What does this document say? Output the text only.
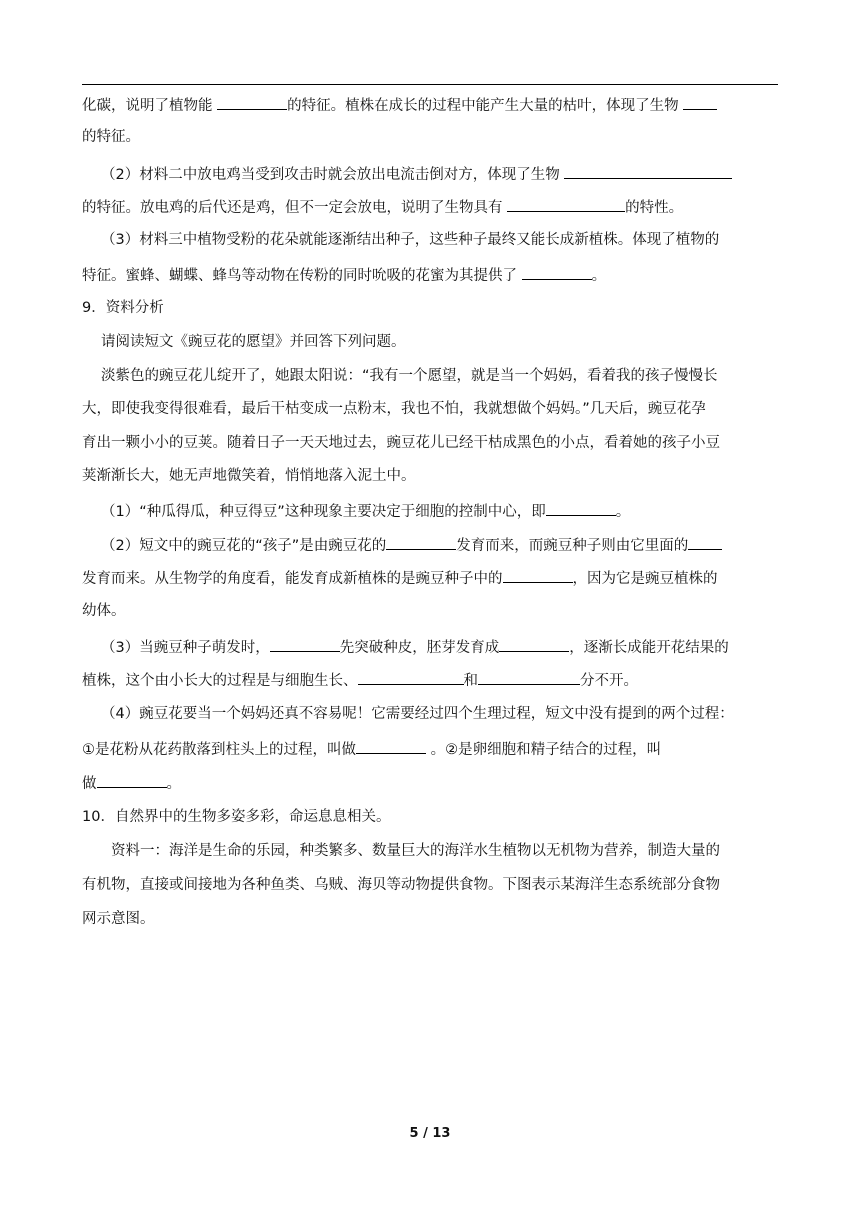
化碳，说明了植物能	的特征。植株在成长的过程中能产生大量的枯叶，体现了生物
的特征。
（2）材料二中放电鸡当受到攻击时就会放出电流击倒对方，体现了生物
的特征。放电鸡的后代还是鸡，但不一定会放电，说明了生物具有	的特性。
（3）材料三中植物受粉的花朵就能逐渐结出种子，这些种子最终又能长成新植株。体现了植物的
特征。蜜蜂、蝴蝶、蜂鸟等动物在传粉的同时吮吸的花蜜为其提供了	。
9．资料分析
请阅读短文《豌豆花的愿望》并回答下列问题。
淡紫色的豌豆花儿绽开了，她跟太阳说：“我有一个愿望，就是当一个妈妈，看着我的孩子慢慢长
大，即使我变得很难看，最后干枯变成一点粉末，我也不怕，我就想做个妈妈。”几天后，豌豆花孕
育出一颗小小的豆荚。随着日子一天天地过去，豌豆花儿已经干枯成黑色的小点，看着她的孩子小豆
荚渐渐长大，她无声地微笑着，悄悄地落入泥土中。
（1）“种瓜得瓜，种豆得豆”这种现象主要决定于细胞的控制中心，即	。
（2）短文中的豌豆花的“孩子”是由豌豆花的	发育而来，而豌豆种子则由它里面的
发育而来。从生物学的角度看，能发育成新植株的是豌豆种子中的	，因为它是豌豆植株的
幼体。
（3）当豌豆种子萌发时，	先突破种皮，胚芽发育成	，逐渐长成能开花结果的
植株，这个由小长大的过程是与细胞生长、	和	分不开。
（4）豌豆花要当一个妈妈还真不容易呢！它需要经过四个生理过程，短文中没有提到的两个过程：
①是花粉从花药散落到柱头上的过程，叫做	。②是卵细胞和精子结合的过程，叫
做	。
10．自然界中的生物多姿多彩，命运息息相关。
资料一：海洋是生命的乐园，种类繁多、数量巨大的海洋水生植物以无机物为营养，制造大量的
有机物，直接或间接地为各种鱼类、乌贼、海贝等动物提供食物。下图表示某海洋生态系统部分食物
网示意图。
5 / 13
